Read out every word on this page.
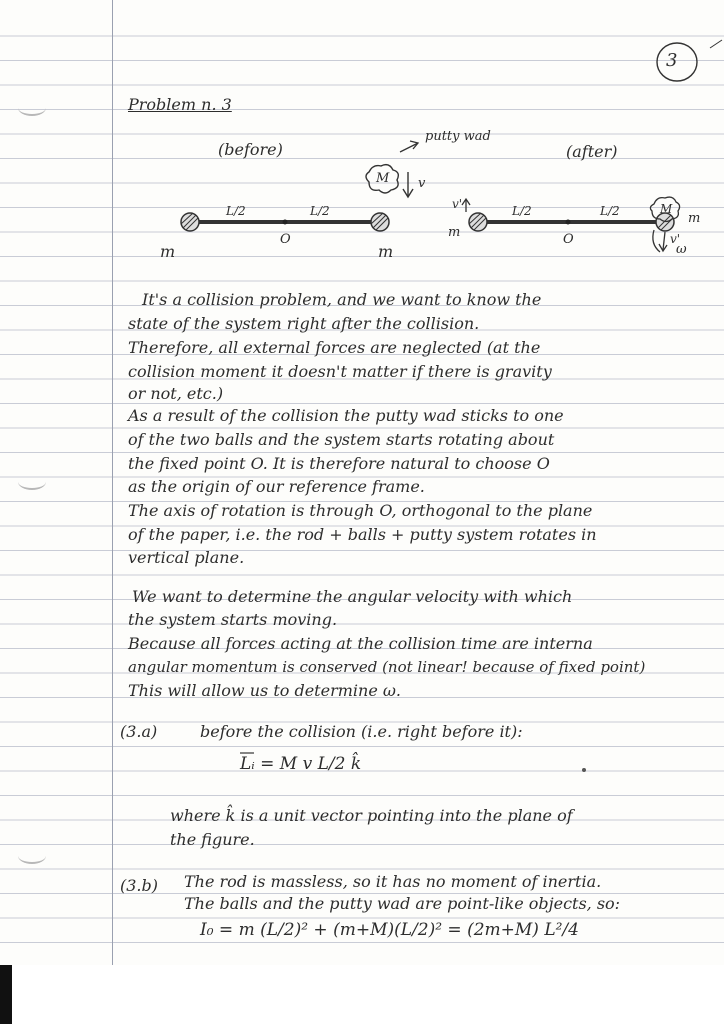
3
Problem n. 3
(before)	(after)
putty wad
M v
L/2	L/2
O
m	m
v'	L/2	L/2
m	O
M
m
v'
ω
It's a collision problem, and we want to know the
state of the system right after the collision.
Therefore, all external forces are neglected (at the
collision moment it doesn't matter if there is gravity
or not, etc.)
As a result of the collision the putty wad sticks to one
of the two balls and the system starts rotating about
the fixed point O. It is therefore natural to choose O
as the origin of our reference frame.
The axis of rotation is through O, orthogonal to the plane
of the paper, i.e. the rod + balls + putty system rotates in
vertical plane.
We want to determine the angular velocity with which
the system starts moving.
Because all forces acting at the collision time are interna
angular momentum is conserved (not linear! because of fixed point)
This will allow us to determine ω.
(3.a)	before the collision (i.e. right before it):
Lᵢ = M v L/2 k̂
where k̂ is a unit vector pointing into the plane of
the figure.
(3.b) The rod is massless, so it has no moment of inertia.
The balls and the putty wad are point-like objects, so:
I₀ = m (L/2)² + (m+M)(L/2)² = (2m+M) L²/4
